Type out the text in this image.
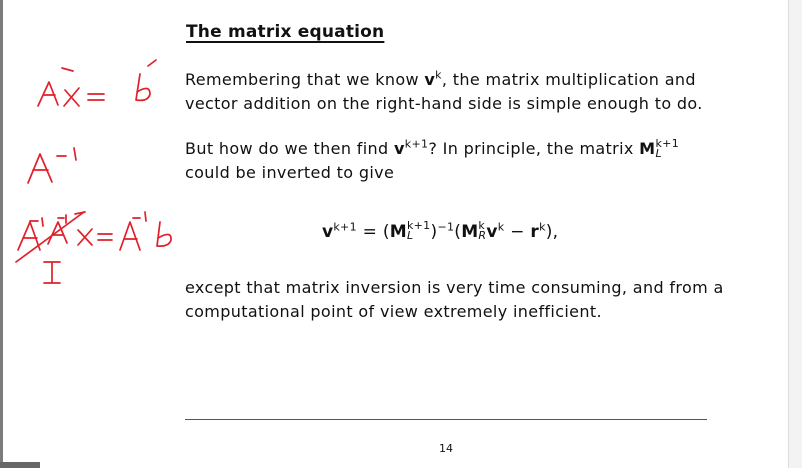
The matrix equation
Remembering that we know $v^k$, the matrix multiplication and vector addition on the right-hand side is simple enough to do.
But how do we then find $v^{k+1}$? In principle, the matrix M k+1
L

could be inverted to give
$v^{k+1} = (M$ k+1
L	)$^{-1}$(M k
R $v^k - r^k$),
except that matrix inversion is very time consuming, and from a computational point of view extremely inefficient.
14
